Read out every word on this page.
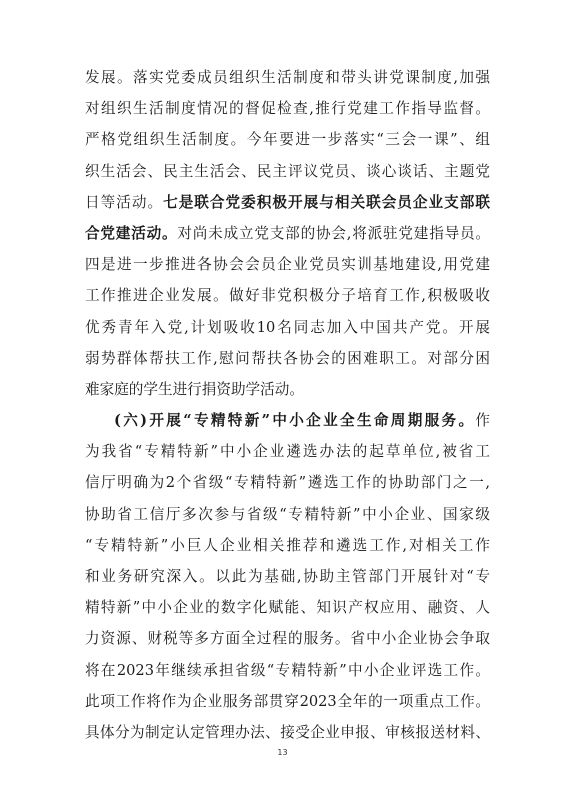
发展。落实党委成员组织生活制度和带头讲党课制度,加强
对组织生活制度情况的督促检查,推行党建工作指导监督。
严格党组织生活制度。今年要进一步落实“三会一课”、组
织生活会、民主生活会、民主评议党员、谈心谈话、主题党
日等活动。七是联合党委积极开展与相关联会员企业支部联
合党建活动。对尚未成立党支部的协会,将派驻党建指导员。
四是进一步推进各协会会员企业党员实训基地建设,用党建
工作推进企业发展。做好非党积极分子培育工作,积极吸收
优秀青年入党,计划吸收10名同志加入中国共产党。开展
弱势群体帮扶工作,慰问帮扶各协会的困难职工。对部分困
难家庭的学生进行捐资助学活动。
(六)开展“专精特新”中小企业全生命周期服务。作
为我省“专精特新”中小企业遴选办法的起草单位,被省工
信厅明确为2个省级“专精特新”遴选工作的协助部门之一,
协助省工信厅多次参与省级“专精特新”中小企业、国家级
“专精特新”小巨人企业相关推荐和遴选工作,对相关工作
和业务研究深入。以此为基础,协助主管部门开展针对“专
精特新”中小企业的数字化赋能、知识产权应用、融资、人
力资源、财税等多方面全过程的服务。省中小企业协会争取
将在2023年继续承担省级“专精特新”中小企业评选工作。
此项工作将作为企业服务部贯穿2023全年的一项重点工作。
具体分为制定认定管理办法、接受企业申报、审核报送材料、
13
